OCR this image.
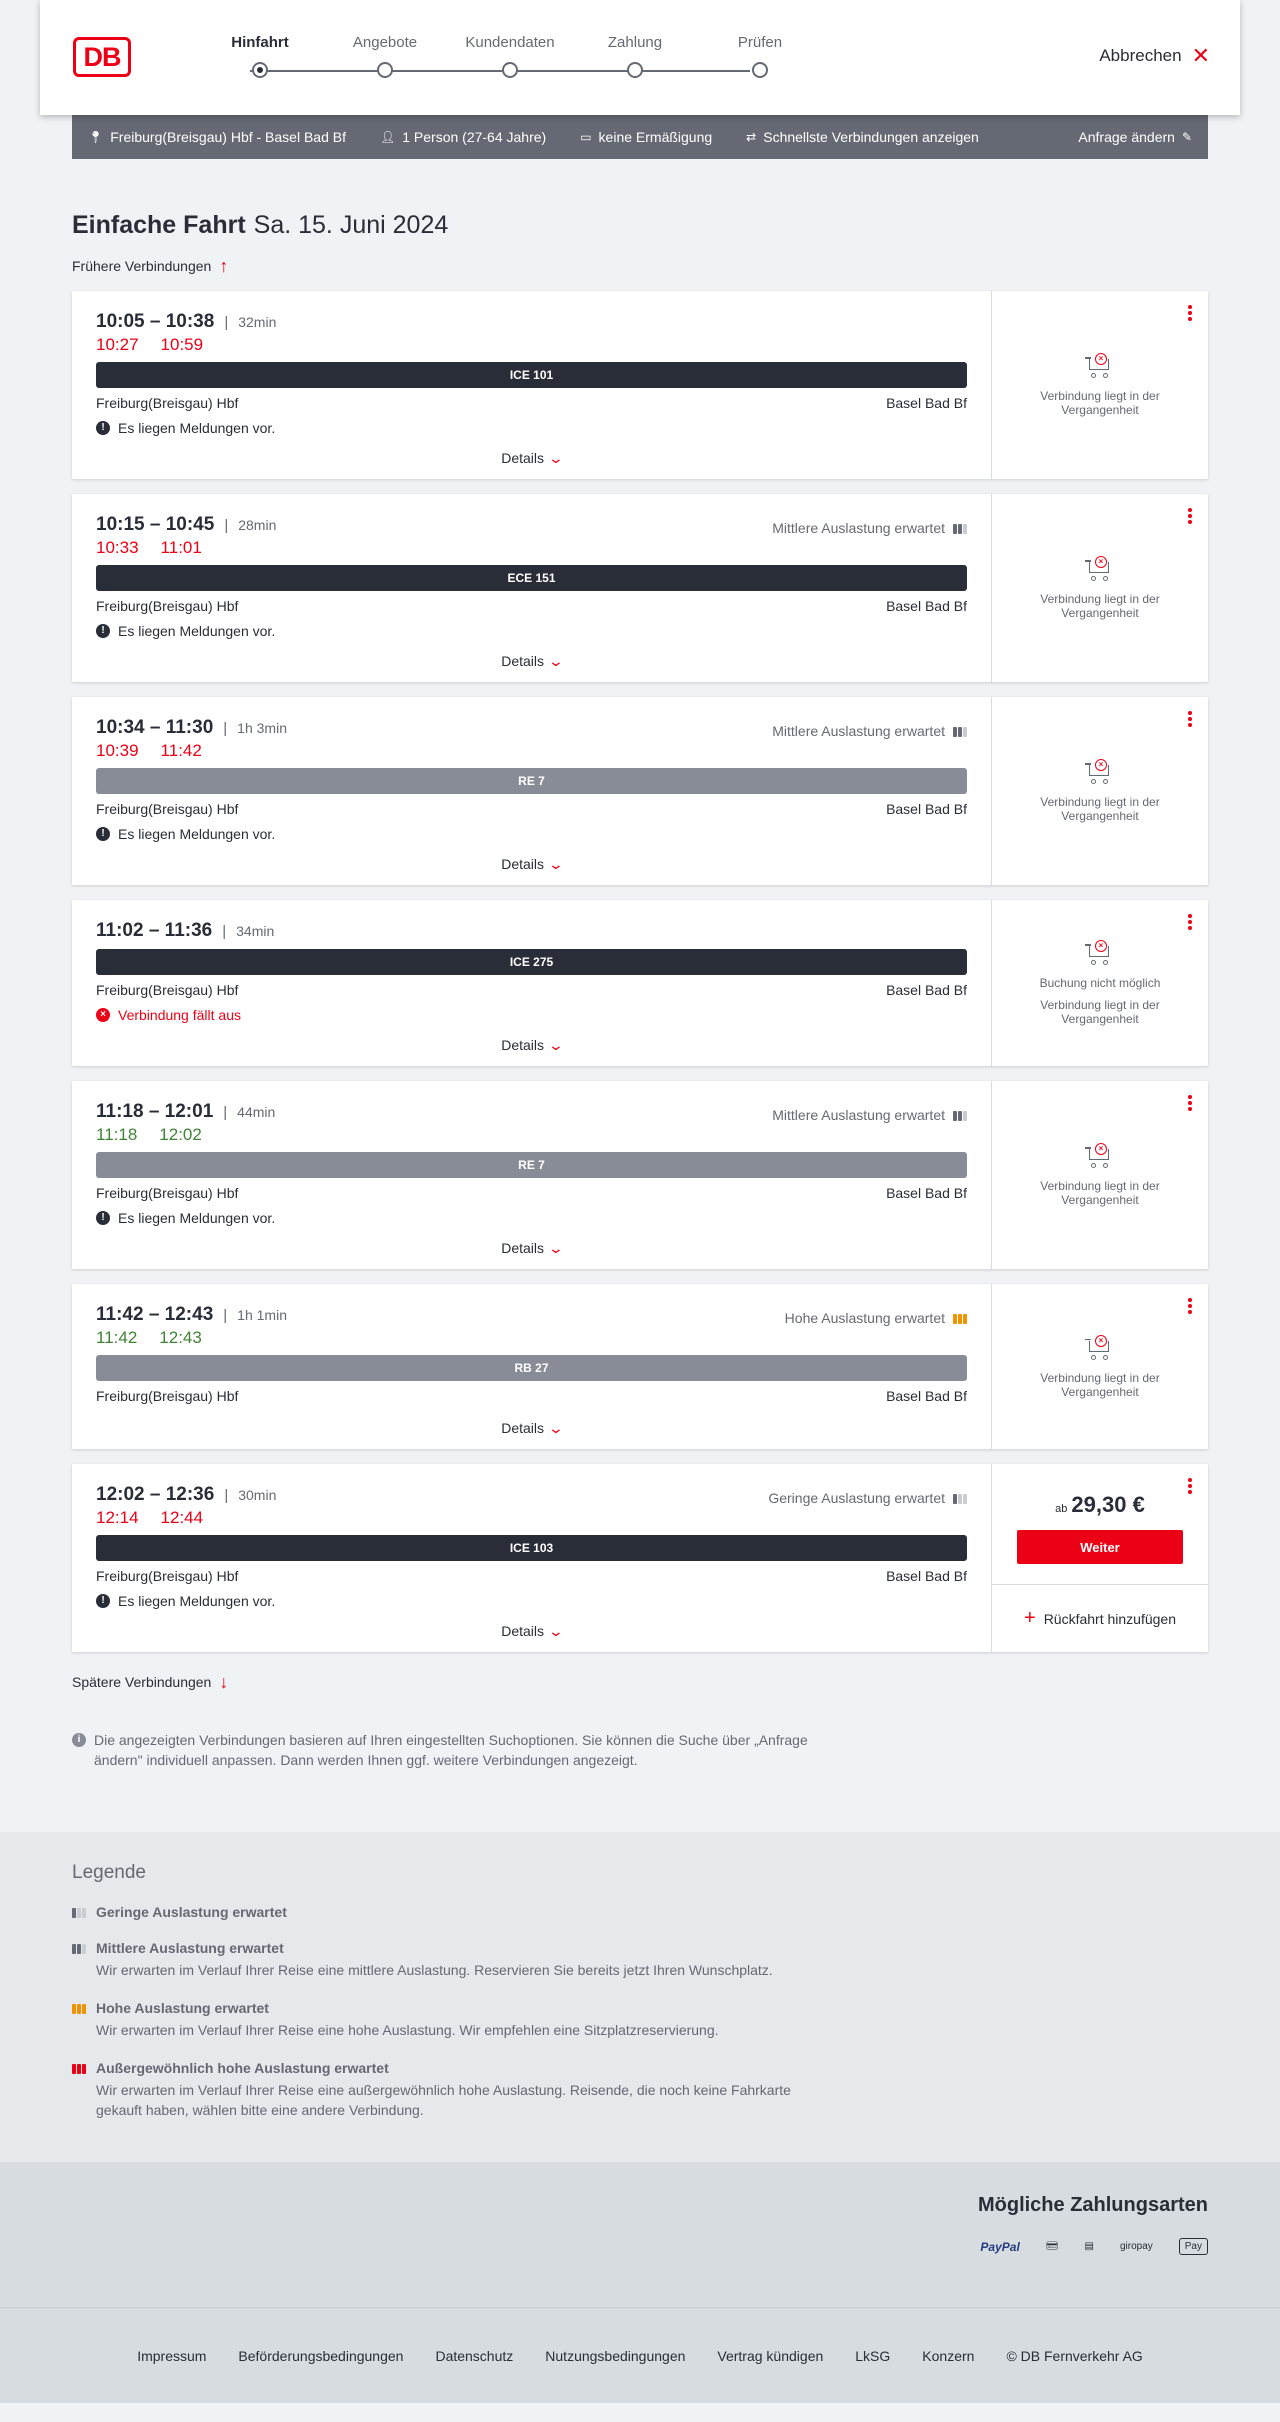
DB	Hinfahrt	Angebote	Kundendaten	Zahlung	Prüfen
Abbrechen ✕
📍︎ Freiburg(Breisgau) Hbf - Basel Bad Bf	👤︎ 1 Person (27-64 Jahre)	▭ keine Ermäßigung	⇄ Schnellste Verbindungen anzeigen	Anfrage ändern ✎
Einfache Fahrt Sa. 15. Juni 2024
Frühere Verbindungen ↑
10:05 – 10:38 | 32min
10:27 10:59
ICE 101
Freiburg(Breisgau) Hbf	Basel Bad Bf
! Es liegen Meldungen vor.
Details ⌄
×

Verbindung liegt in der Vergangenheit

10:15 – 10:45 | 28min	Mittlere Auslastung erwartet
10:33 11:01
ECE 151
Freiburg(Breisgau) Hbf	Basel Bad Bf
! Es liegen Meldungen vor.
Details ⌄
×

Verbindung liegt in der Vergangenheit

10:34 – 11:30 | 1h 3min	Mittlere Auslastung erwartet
10:39 11:42
RE 7
Freiburg(Breisgau) Hbf	Basel Bad Bf
! Es liegen Meldungen vor.
Details ⌄
×

Verbindung liegt in der Vergangenheit

11:02 – 11:36 | 34min
ICE 275
Freiburg(Breisgau) Hbf	Basel Bad Bf
× Verbindung fällt aus
Details ⌄
×

Buchung nicht möglich

Verbindung liegt in der Vergangenheit

11:18 – 12:01 | 44min	Mittlere Auslastung erwartet
11:18 12:02
RE 7
Freiburg(Breisgau) Hbf	Basel Bad Bf
! Es liegen Meldungen vor.
Details ⌄
×

Verbindung liegt in der Vergangenheit

11:42 – 12:43 | 1h 1min	Hohe Auslastung erwartet
11:42 12:43
RB 27
Freiburg(Breisgau) Hbf	Basel Bad Bf
Details ⌄
×

Verbindung liegt in der Vergangenheit

12:02 – 12:36 | 30min	Geringe Auslastung erwartet
12:14 12:44
ICE 103
Freiburg(Breisgau) Hbf	Basel Bad Bf
! Es liegen Meldungen vor.
Details ⌄
ab 29,30 €
Weiter
+ Rückfahrt hinzufügen
Spätere Verbindungen ↓
i Die angezeigten Verbindungen basieren auf Ihren eingestellten Suchoptionen. Sie können die Suche über „Anfrage ändern" individuell anpassen. Dann werden Ihnen ggf. weitere Verbindungen angezeigt.
Legende
Geringe Auslastung erwartet
Mittlere Auslastung erwartet
Wir erwarten im Verlauf Ihrer Reise eine mittlere Auslastung. Reservieren Sie bereits jetzt Ihren Wunschplatz.
Hohe Auslastung erwartet
Wir erwarten im Verlauf Ihrer Reise eine hohe Auslastung. Wir empfehlen eine Sitzplatzreservierung.
Außergewöhnlich hohe Auslastung erwartet
Wir erwarten im Verlauf Ihrer Reise eine außergewöhnlich hohe Auslastung. Reisende, die noch keine Fahrkarte gekauft haben, wählen bitte eine andere Verbindung.
Mögliche Zahlungsarten
PayPal	💳︎	▤	giropay	Pay
Impressum Beförderungsbedingungen Datenschutz Nutzungsbedingungen Vertrag kündigen LkSG Konzern © DB Fernverkehr AG
